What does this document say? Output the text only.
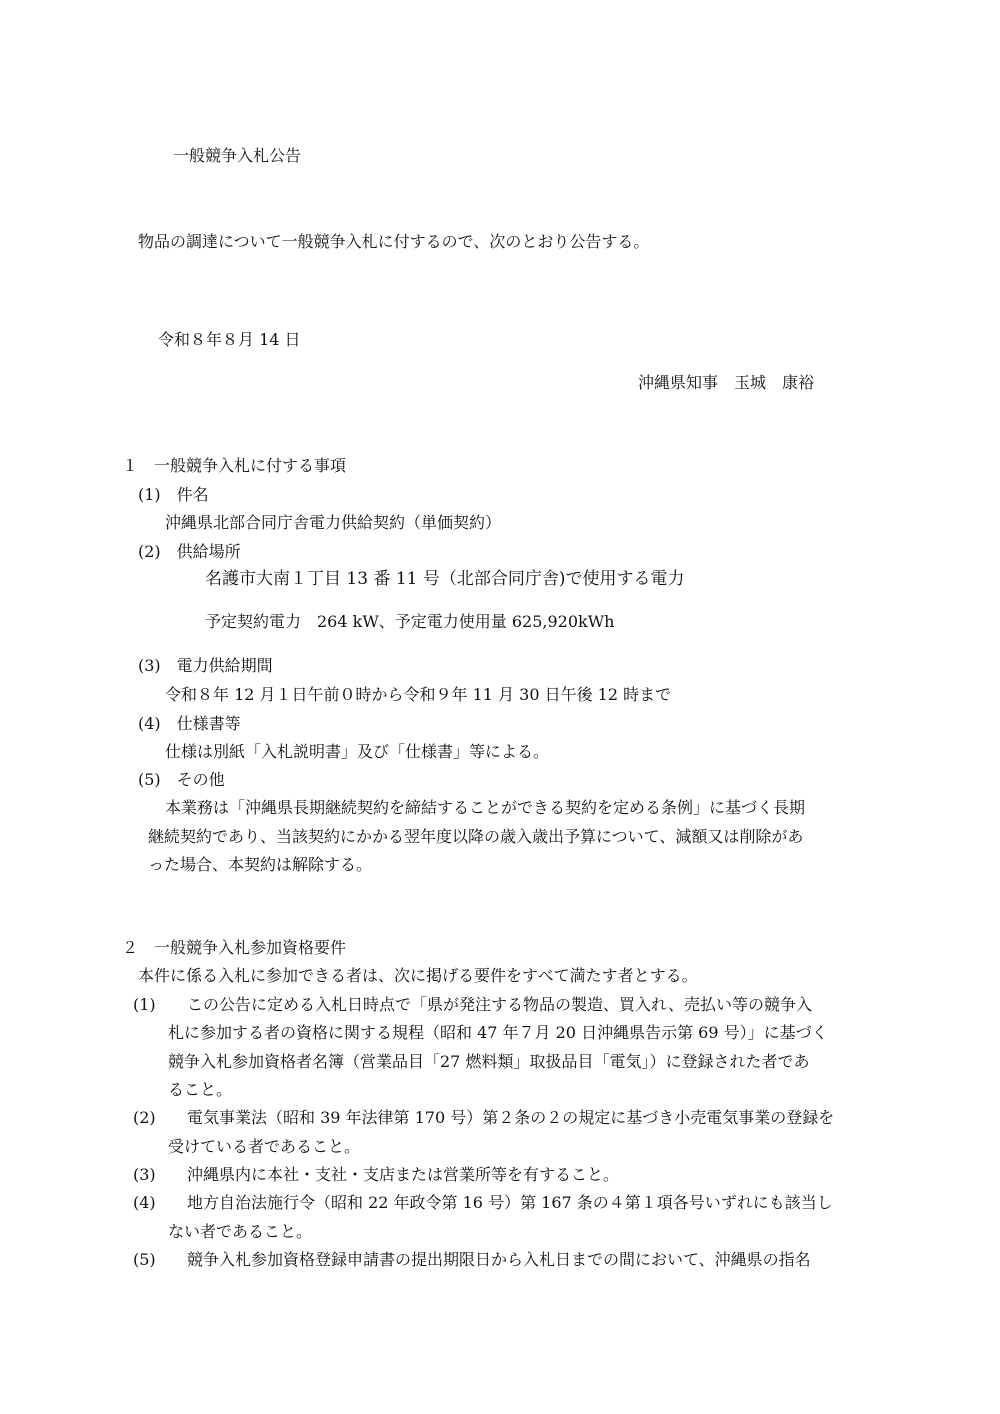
一般競争入札公告
物品の調達について一般競争入札に付するので、次のとおり公告する。
令和８年８月 14 日
沖縄県知事　玉城　康裕
１　一般競争入札に付する事項
(1)　件名
沖縄県北部合同庁舎電力供給契約（単価契約）
(2)　供給場所
名護市大南１丁目 13 番 11 号（北部合同庁舎)で使用する電力
予定契約電力　264 kW、予定電力使用量 625,920kWh
(3)　電力供給期間
令和８年 12 月１日午前０時から令和９年 11 月 30 日午後 12 時まで
(4)　仕様書等
仕様は別紙「入札説明書」及び「仕様書」等による。
(5)　その他
本業務は「沖縄県長期継続契約を締結することができる契約を定める条例」に基づく長期
継続契約であり、当該契約にかかる翌年度以降の歳入歳出予算について、減額又は削除があ
った場合、本契約は解除する。
２　一般競争入札参加資格要件
本件に係る入札に参加できる者は、次に掲げる要件をすべて満たす者とする。
(1) この公告に定める入札日時点で「県が発注する物品の製造、買入れ、売払い等の競争入
札に参加する者の資格に関する規程（昭和 47 年７月 20 日沖縄県告示第 69 号）」に基づく
競争入札参加資格者名簿（営業品目「27 燃料類」取扱品目「電気」）に登録された者であ
ること。
(2) 電気事業法（昭和 39 年法律第 170 号）第２条の２の規定に基づき小売電気事業の登録を
受けている者であること。
(3) 沖縄県内に本社・支社・支店または営業所等を有すること。
(4) 地方自治法施行令（昭和 22 年政令第 16 号）第 167 条の４第１項各号いずれにも該当し
ない者であること。
(5) 競争入札参加資格登録申請書の提出期限日から入札日までの間において、沖縄県の指名
